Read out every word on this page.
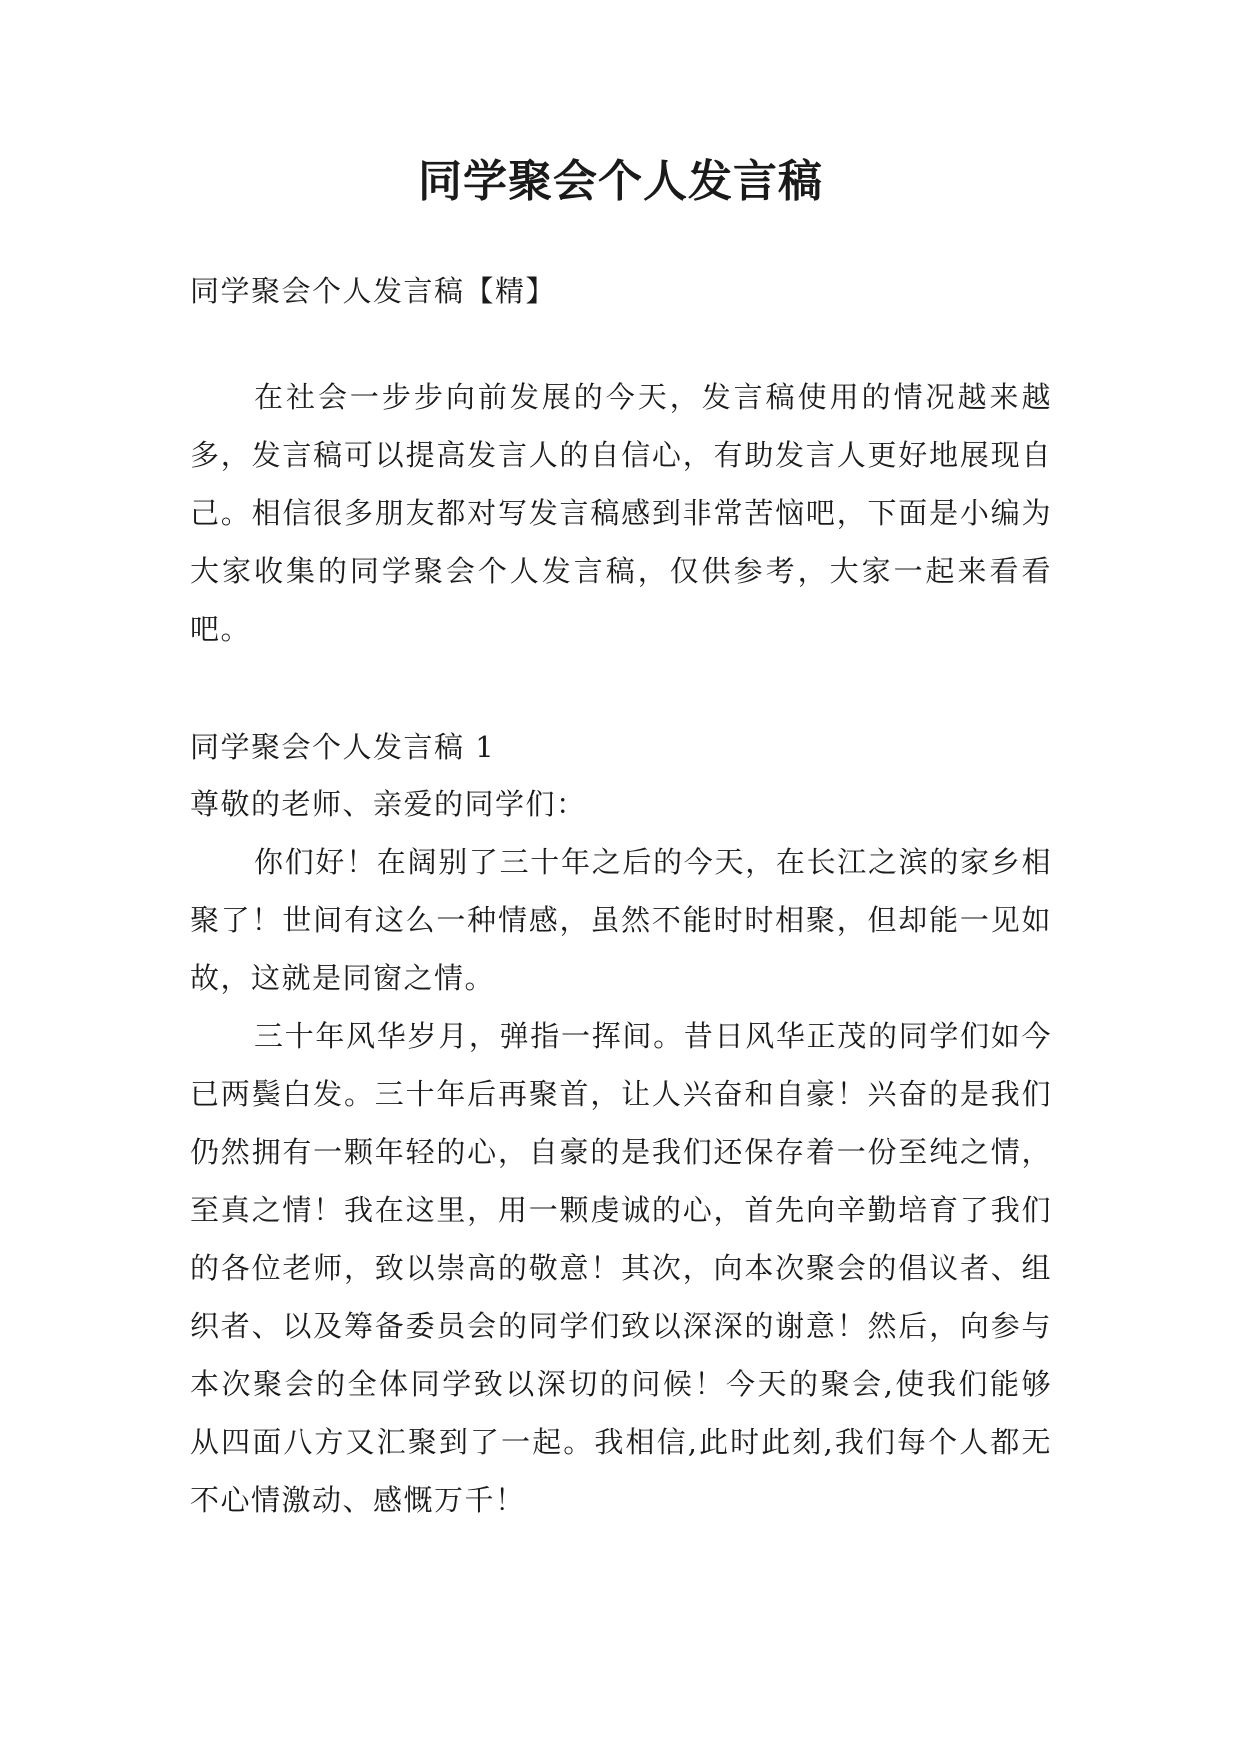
同学聚会个人发言稿

同学聚会个人发言稿【精】

在社会一步步向前发展的今天，发言稿使用的情况越来越多，发言稿可以提高发言人的自信心，有助发言人更好地展现自己。相信很多朋友都对写发言稿感到非常苦恼吧，下面是小编为大家收集的同学聚会个人发言稿，仅供参考，大家一起来看看吧。

同学聚会个人发言稿 1

尊敬的老师、亲爱的同学们：

你们好！在阔别了三十年之后的今天，在长江之滨的家乡相聚了！世间有这么一种情感，虽然不能时时相聚，但却能一见如故，这就是同窗之情。

三十年风华岁月，弹指一挥间。昔日风华正茂的同学们如今已两鬓白发。三十年后再聚首，让人兴奋和自豪！兴奋的是我们仍然拥有一颗年轻的心，自豪的是我们还保存着一份至纯之情，至真之情！我在这里，用一颗虔诚的心，首先向辛勤培育了我们的各位老师，致以崇高的敬意！其次，向本次聚会的倡议者、组织者、以及筹备委员会的同学们致以深深的谢意！然后，向参与本次聚会的全体同学致以深切的问候！今天的聚会,使我们能够从四面八方又汇聚到了一起。我相信,此时此刻,我们每个人都无不心情激动、感慨万千！
